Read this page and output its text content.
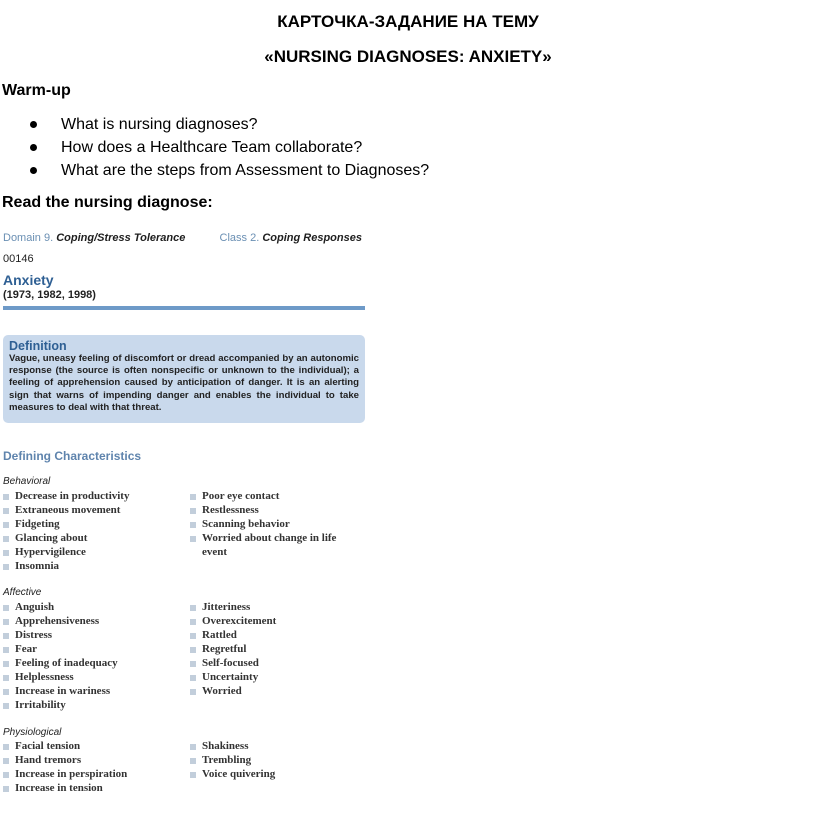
КАРТОЧКА-ЗАДАНИЕ НА ТЕМУ
«NURSING DIAGNOSES: ANXIETY»
Warm-up
What is nursing diagnoses?
How does a Healthcare Team collaborate?
What are the steps from Assessment to Diagnoses?
Read the nursing diagnose:
Domain 9. Coping/Stress Tolerance	Class 2. Coping Responses
00146
Anxiety
(1973, 1982, 1998)
Definition
Vague, uneasy feeling of discomfort or dread accompanied by an autonomic response (the source is often nonspecific or unknown to the individual); a feeling of apprehension caused by anticipation of danger. It is an alerting sign that warns of impending danger and enables the individual to take measures to deal with that threat.
Defining Characteristics
Behavioral
Decrease in productivity
Extraneous movement
Fidgeting
Glancing about
Hypervigilence
Insomnia
Poor eye contact
Restlessness
Scanning behavior
Worried about change in life
event
Affective
Anguish
Apprehensiveness
Distress
Fear
Feeling of inadequacy
Helplessness
Increase in wariness
Irritability
Jitteriness
Overexcitement
Rattled
Regretful
Self-focused
Uncertainty
Worried
Physiological
Facial tension
Hand tremors
Increase in perspiration
Increase in tension
Shakiness
Trembling
Voice quivering
